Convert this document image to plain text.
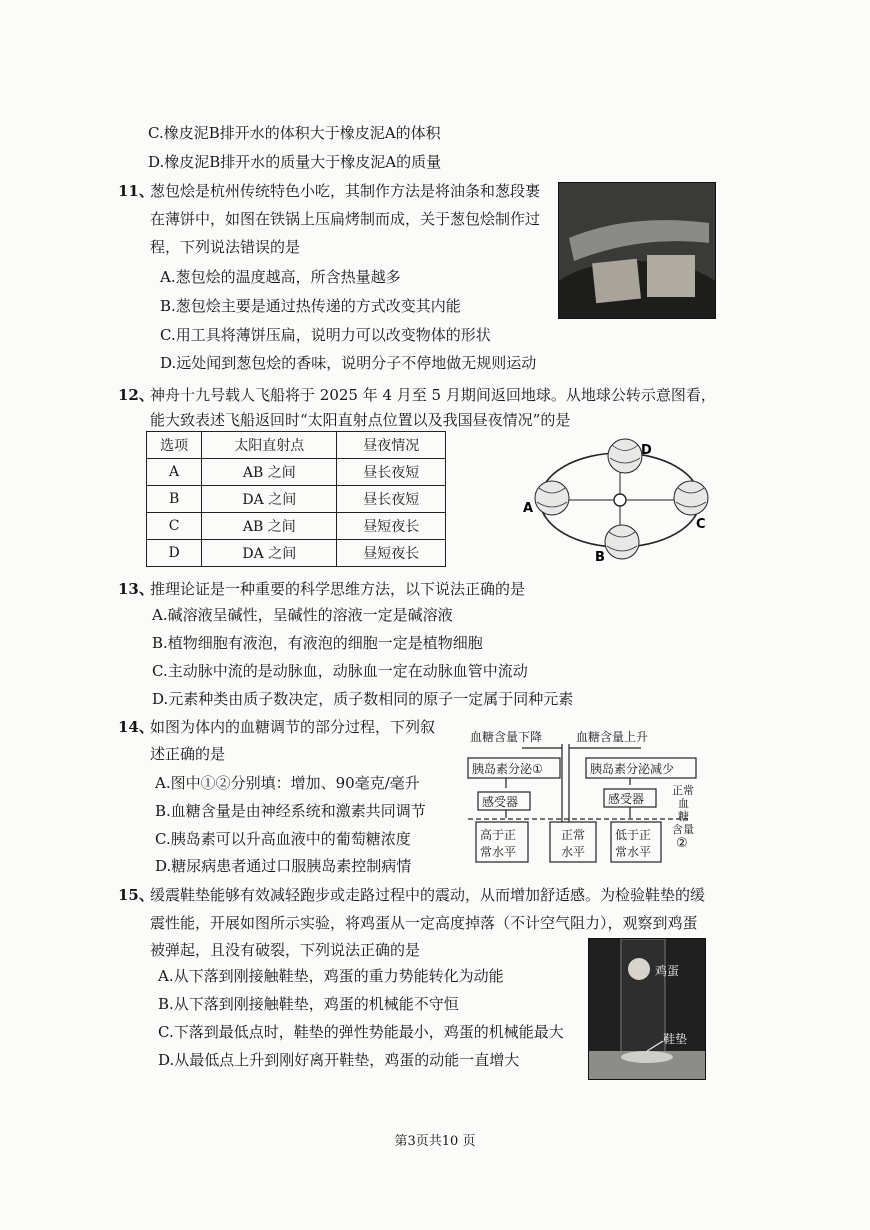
C.橡皮泥B排开水的体积大于橡皮泥A的体积
D.橡皮泥B排开水的质量大于橡皮泥A的质量
11、
葱包烩是杭州传统特色小吃，其制作方法是将油条和葱段裹
在薄饼中，如图在铁锅上压扁烤制而成，关于葱包烩制作过
程，下列说法错误的是
A.葱包烩的温度越高，所含热量越多
B.葱包烩主要是通过热传递的方式改变其内能
C.用工具将薄饼压扁，说明力可以改变物体的形状
D.远处闻到葱包烩的香味，说明分子不停地做无规则运动
12、
神舟十九号载人飞船将于 2025 年 4 月至 5 月期间返回地球。从地球公转示意图看，
能大致表述飞船返回时“太阳直射点位置以及我国昼夜情况”的是
选项	太阳直射点	昼夜情况
A	AB 之间	昼长夜短
B	DA 之间	昼长夜短
C	AB 之间	昼短夜长
D	DA 之间	昼短夜长
D
A
C
B
13、
推理论证是一种重要的科学思维方法，以下说法正确的是
A.碱溶液呈碱性，呈碱性的溶液一定是碱溶液
B.植物细胞有液泡，有液泡的细胞一定是植物细胞
C.主动脉中流的是动脉血，动脉血一定在动脉血管中流动
D.元素种类由质子数决定，质子数相同的原子一定属于同种元素
14、
如图为体内的血糖调节的部分过程，下列叙
述正确的是
A.图中①②分别填：增加、90毫克/毫升
B.血糖含量是由神经系统和激素共同调节
C.胰岛素可以升高血液中的葡萄糖浓度
D.糖尿病患者通过口服胰岛素控制病情
血糖含量下降	血糖含量上升
胰岛素分泌①	胰岛素分泌减少
感受器	感受器
高于正
常水平
正常
水平
低于正
常水平
正常
血
糖
含量
②
15、
缓震鞋垫能够有效减轻跑步或走路过程中的震动，从而增加舒适感。为检验鞋垫的缓
震性能，开展如图所示实验，将鸡蛋从一定高度掉落（不计空气阻力），观察到鸡蛋
被弹起，且没有破裂，下列说法正确的是
A.从下落到刚接触鞋垫，鸡蛋的重力势能转化为动能
B.从下落到刚接触鞋垫，鸡蛋的机械能不守恒
C.下落到最低点时，鞋垫的弹性势能最小，鸡蛋的机械能最大
D.从最低点上升到刚好离开鞋垫，鸡蛋的动能一直增大
鸡蛋
鞋垫
第3页共10 页
